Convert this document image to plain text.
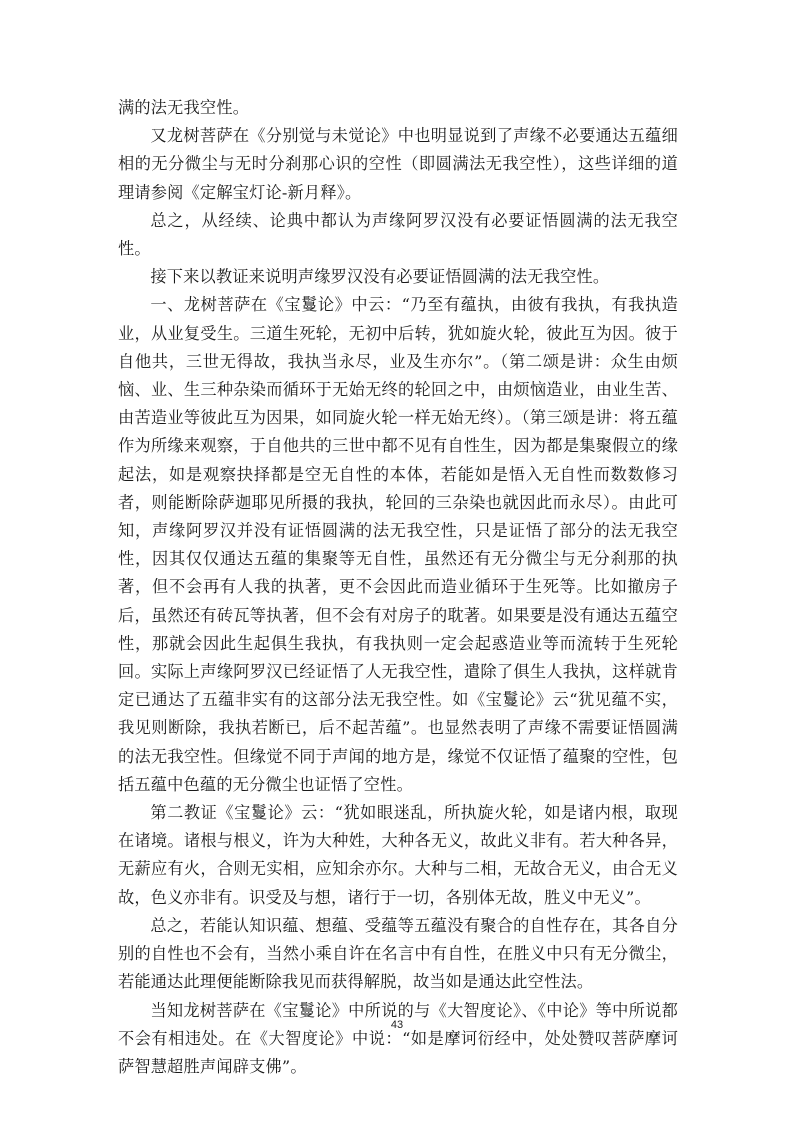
满的法无我空性。

又龙树菩萨在《分别觉与未觉论》中也明显说到了声缘不必要通达五蕴细相的无分微尘与无时分刹那心识的空性（即圆满法无我空性），这些详细的道理请参阅《定解宝灯论-新月释》。

总之，从经续、论典中都认为声缘阿罗汉没有必要证悟圆满的法无我空性。

接下来以教证来说明声缘罗汉没有必要证悟圆满的法无我空性。

一、龙树菩萨在《宝鬘论》中云：“乃至有蕴执，由彼有我执，有我执造业，从业复受生。三道生死轮，无初中后转，犹如旋火轮，彼此互为因。彼于自他共，三世无得故，我执当永尽，业及生亦尔”。（第二颂是讲：众生由烦恼、业、生三种杂染而循环于无始无终的轮回之中，由烦恼造业，由业生苦、由苦造业等彼此互为因果，如同旋火轮一样无始无终）。（第三颂是讲：将五蕴作为所缘来观察，于自他共的三世中都不见有自性生，因为都是集聚假立的缘起法，如是观察抉择都是空无自性的本体，若能如是悟入无自性而数数修习者，则能断除萨迦耶见所摄的我执，轮回的三杂染也就因此而永尽）。由此可知，声缘阿罗汉并没有证悟圆满的法无我空性，只是证悟了部分的法无我空性，因其仅仅通达五蕴的集聚等无自性，虽然还有无分微尘与无分刹那的执著，但不会再有人我的执著，更不会因此而造业循环于生死等。比如撤房子后，虽然还有砖瓦等执著，但不会有对房子的耽著。如果要是没有通达五蕴空性，那就会因此生起俱生我执，有我执则一定会起惑造业等而流转于生死轮回。实际上声缘阿罗汉已经证悟了人无我空性，遣除了俱生人我执，这样就肯定已通达了五蕴非实有的这部分法无我空性。如《宝鬘论》云“犹见蕴不实，我见则断除，我执若断已，后不起苦蕴”。也显然表明了声缘不需要证悟圆满的法无我空性。但缘觉不同于声闻的地方是，缘觉不仅证悟了蕴聚的空性，包括五蕴中色蕴的无分微尘也证悟了空性。

第二教证《宝鬘论》云：“犹如眼迷乱，所执旋火轮，如是诸内根，取现在诸境。诸根与根义，许为大种姓，大种各无义，故此义非有。若大种各异，无薪应有火，合则无实相，应知余亦尔。大种与二相，无故合无义，由合无义故，色义亦非有。识受及与想，诸行于一切，各别体无故，胜义中无义”。

总之，若能认知识蕴、想蕴、受蕴等五蕴没有聚合的自性存在，其各自分别的自性也不会有，当然小乘自许在名言中有自性，在胜义中只有无分微尘，若能通达此理便能断除我见而获得解脱，故当如是通达此空性法。

当知龙树菩萨在《宝鬘论》中所说的与《大智度论》、《中论》等中所说都不会有相违处。在《大智度论》中说：“如是摩诃衍经中，处处赞叹菩萨摩诃萨智慧超胜声闻辟支佛”。

43
